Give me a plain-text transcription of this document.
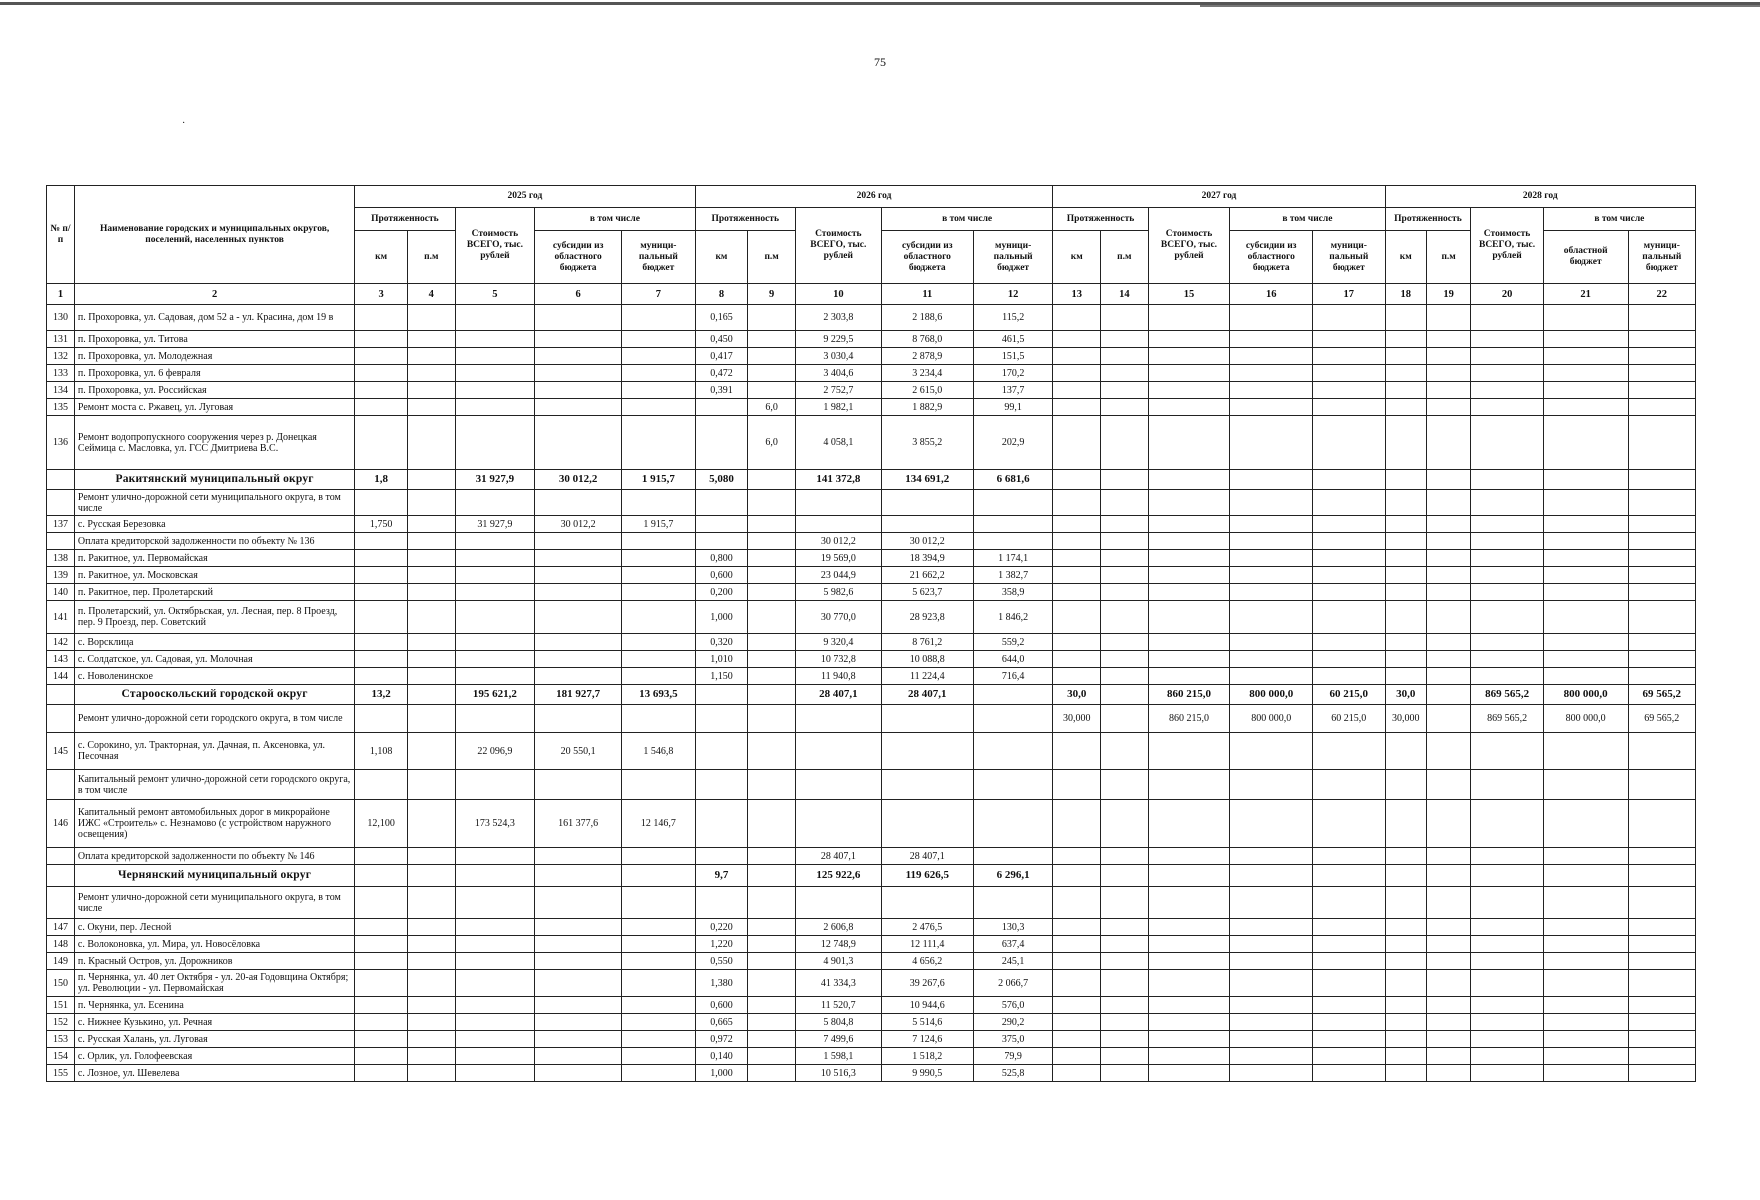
75
·
№ п/п	Наименование городских и муниципальных округов, поселений, населенных пунктов	2025 год					2026 год					2027 год					2028 год				
		Протяженность		Стоимость ВСЕГО, тыс. рублей	в том числе		Протяженность		Стоимость ВСЕГО, тыс. рублей	в том числе		Протяженность		Стоимость ВСЕГО, тыс. рублей	в том числе		Протяженность		Стоимость ВСЕГО, тыс. рублей	в том числе	
		км	п.м		субсидии из областного бюджета	муници- пальный бюджет	км	п.м		субсидии из областного бюджета	муници- пальный бюджет	км	п.м		субсидии из областного бюджета	муници- пальный бюджет	км	п.м		областной бюджет	муници- пальный бюджет
1	2	3	4	5	6	7	8	9	10	11	12	13	14	15	16	17	18	19	20	21	22
130	п. Прохоровка, ул. Садовая, дом 52 а - ул. Красина, дом 19 в						0,165		2 303,8	2 188,6	115,2										
131	п. Прохоровка, ул. Титова						0,450		9 229,5	8 768,0	461,5										
132	п. Прохоровка, ул. Молодежная						0,417		3 030,4	2 878,9	151,5										
133	п. Прохоровка, ул. 6 февраля						0,472		3 404,6	3 234,4	170,2										
134	п. Прохоровка, ул. Российская						0,391		2 752,7	2 615,0	137,7										
135	Ремонт моста с. Ржавец, ул. Луговая							6,0	1 982,1	1 882,9	99,1										
136	Ремонт водопропускного сооружения через р. Донецкая Сеймица с. Масловка, ул. ГСС Дмитриева В.С.							6,0	4 058,1	3 855,2	202,9										
	Ракитянский муниципальный округ	1,8		31 927,9	30 012,2	1 915,7	5,080		141 372,8	134 691,2	6 681,6										
	Ремонт улично-дорожной сети муниципального округа, в том числе																				
137	с. Русская Березовка	1,750		31 927,9	30 012,2	1 915,7															
	Оплата кредиторской задолженности по объекту № 136								30 012,2	30 012,2											
138	п. Ракитное, ул. Первомайская						0,800		19 569,0	18 394,9	1 174,1										
139	п. Ракитное, ул. Московская						0,600		23 044,9	21 662,2	1 382,7										
140	п. Ракитное, пер. Пролетарский						0,200		5 982,6	5 623,7	358,9										
141	п. Пролетарский, ул. Октябрьская, ул. Лесная, пер. 8 Проезд, пер. 9 Проезд, пер. Советский						1,000		30 770,0	28 923,8	1 846,2										
142	с. Ворсклица						0,320		9 320,4	8 761,2	559,2										
143	с. Солдатское, ул. Садовая, ул. Молочная						1,010		10 732,8	10 088,8	644,0										
144	с. Новоленинское						1,150		11 940,8	11 224,4	716,4										
	Старооскольский городской округ	13,2		195 621,2	181 927,7	13 693,5			28 407,1	28 407,1		30,0		860 215,0	800 000,0	60 215,0	30,0		869 565,2	800 000,0	69 565,2
	Ремонт улично-дорожной сети городского округа, в том числе											30,000		860 215,0	800 000,0	60 215,0	30,000		869 565,2	800 000,0	69 565,2
145	с. Сорокино, ул. Тракторная, ул. Дачная, п. Аксеновка, ул. Песочная	1,108		22 096,9	20 550,1	1 546,8															
	Капитальный ремонт улично-дорожной сети городского округа, в том числе																				
146	Капитальный ремонт автомобильных дорог в микрорайоне ИЖС «Строитель» с. Незнамово (с устройством наружного освещения)	12,100		173 524,3	161 377,6	12 146,7															
	Оплата кредиторской задолженности по объекту № 146								28 407,1	28 407,1											
	Чернянский муниципальный округ						9,7		125 922,6	119 626,5	6 296,1										
	Ремонт улично-дорожной сети муниципального округа, в том числе																				
147	с. Окуни, пер. Лесной						0,220		2 606,8	2 476,5	130,3										
148	с. Волоконовка, ул. Мира, ул. Новосёловка						1,220		12 748,9	12 111,4	637,4										
149	п. Красный Остров, ул. Дорожников						0,550		4 901,3	4 656,2	245,1										
150	п. Чернянка, ул. 40 лет Октября - ул. 20-ая Годовщина Октября; ул. Революции - ул. Первомайская						1,380		41 334,3	39 267,6	2 066,7										
151	п. Чернянка, ул. Есенина						0,600		11 520,7	10 944,6	576,0										
152	с. Нижнее Кузькино, ул. Речная						0,665		5 804,8	5 514,6	290,2										
153	с. Русская Халань, ул. Луговая						0,972		7 499,6	7 124,6	375,0										
154	с. Орлик, ул. Голофеевская						0,140		1 598,1	1 518,2	79,9										
155	с. Лозное, ул. Шевелева						1,000		10 516,3	9 990,5	525,8										
